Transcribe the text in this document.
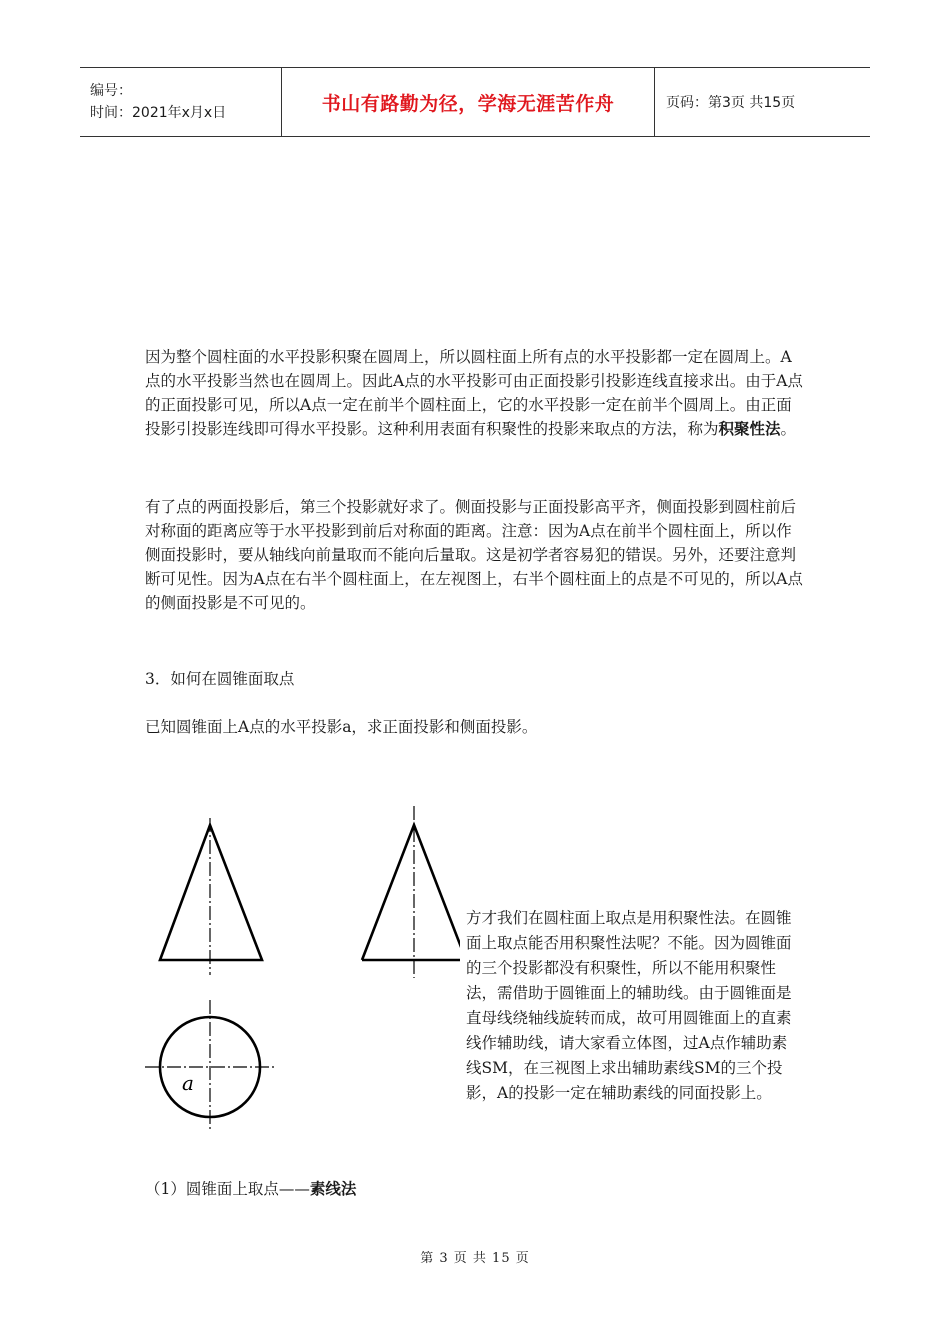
编号：
时间：2021年x月x日	书山有路勤为径，学海无涯苦作舟	页码：第3页 共15页

因为整个圆柱面的水平投影积聚在圆周上，所以圆柱面上所有点的水平投影都一定在圆周上。A点的水平投影当然也在圆周上。因此A点的水平投影可由正面投影引投影连线直接求出。由于A点的正面投影可见，所以A点一定在前半个圆柱面上，它的水平投影一定在前半个圆周上。由正面投影引投影连线即可得水平投影。这种利用表面有积聚性的投影来取点的方法，称为积聚性法。

有了点的两面投影后，第三个投影就好求了。侧面投影与正面投影高平齐，侧面投影到圆柱前后对称面的距离应等于水平投影到前后对称面的距离。注意：因为A点在前半个圆柱面上，所以作侧面投影时，要从轴线向前量取而不能向后量取。这是初学者容易犯的错误。另外，还要注意判断可见性。因为A点在右半个圆柱面上，在左视图上，右半个圆柱面上的点是不可见的，所以A点的侧面投影是不可见的。

3．如何在圆锥面取点

已知圆锥面上A点的水平投影a，求正面投影和侧面投影。

a

方才我们在圆柱面上取点是用积聚性法。在圆锥面上取点能否用积聚性法呢？不能。因为圆锥面的三个投影都没有积聚性，所以不能用积聚性法，需借助于圆锥面上的辅助线。由于圆锥面是直母线绕轴线旋转而成，故可用圆锥面上的直素线作辅助线，请大家看立体图，过A点作辅助素线SM，在三视图上求出辅助素线SM的三个投影，A的投影一定在辅助素线的同面投影上。

（1）圆锥面上取点——素线法

第 3 页 共 15 页
